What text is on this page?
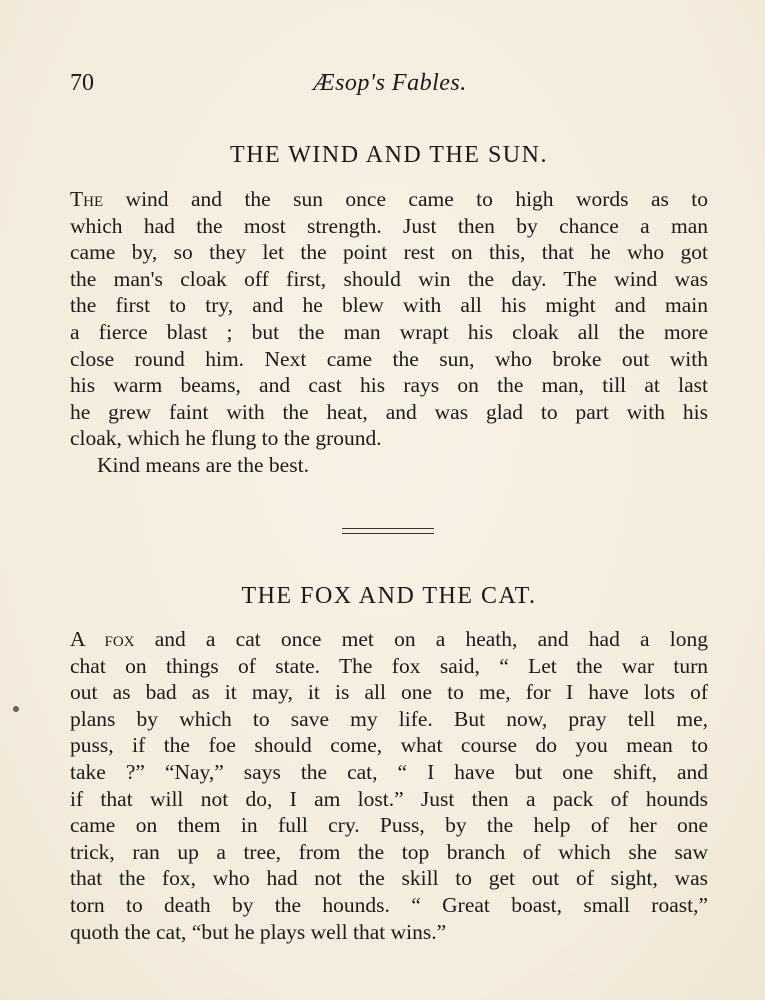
70	Æsop's Fables.
THE WIND AND THE SUN.

The wind and the sun once came to high words as to
which had the most strength. Just then by chance a man
came by, so they let the point rest on this, that he who got
the man's cloak off first, should win the day. The wind was
the first to try, and he blew with all his might and main
a fierce blast ; but the man wrapt his cloak all the more
close round him. Next came the sun, who broke out with
his warm beams, and cast his rays on the man, till at last
he grew faint with the heat, and was glad to part with his
cloak, which he flung to the ground.

Kind means are the best.

THE FOX AND THE CAT.

A fox and a cat once met on a heath, and had a long
chat on things of state. The fox said, “ Let the war turn
out as bad as it may, it is all one to me, for I have lots of
plans by which to save my life. But now, pray tell me,
puss, if the foe should come, what course do you mean to
take ?” “Nay,” says the cat, “ I have but one shift, and
if that will not do, I am lost.” Just then a pack of hounds
came on them in full cry. Puss, by the help of her one
trick, ran up a tree, from the top branch of which she saw
that the fox, who had not the skill to get out of sight, was
torn to death by the hounds. “ Great boast, small roast,”
quoth the cat, “but he plays well that wins.”
